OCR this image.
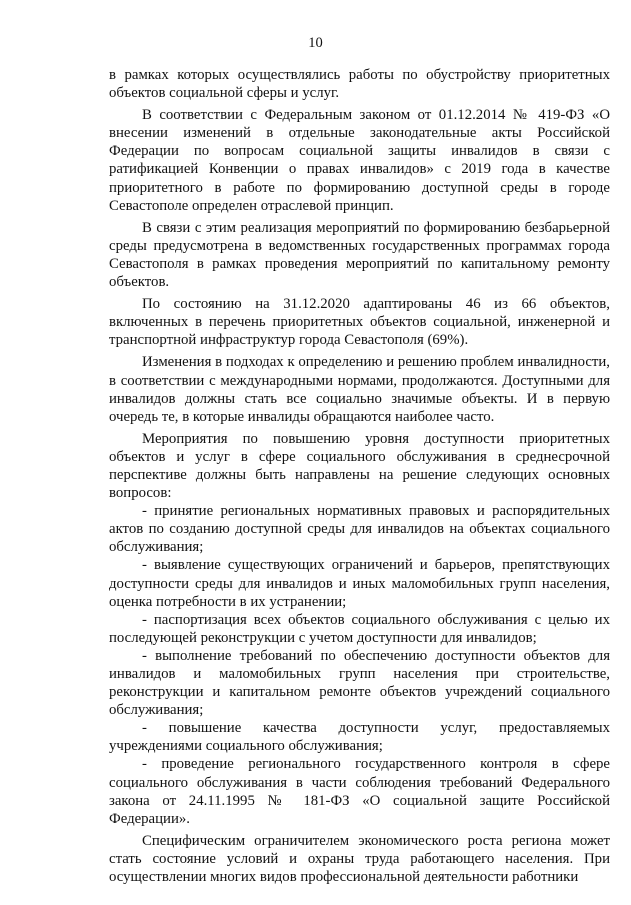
10

в рамках которых осуществлялись работы по обустройству приоритетных объектов социальной сферы и услуг.

В соответствии с Федеральным законом от 01.12.2014 № 419-ФЗ «О внесении изменений в отдельные законодательные акты Российской Федерации по вопросам социальной защиты инвалидов в связи с ратификацией Конвенции о правах инвалидов» с 2019 года в качестве приоритетного в работе по формированию доступной среды в городе Севастополе определен отраслевой принцип.

В связи с этим реализация мероприятий по формированию безбарьерной среды предусмотрена в ведомственных государственных программах города Севастополя в рамках проведения мероприятий по капитальному ремонту объектов.

По состоянию на 31.12.2020 адаптированы 46 из 66 объектов, включенных в перечень приоритетных объектов социальной, инженерной и транспортной инфраструктур города Севастополя (69%).

Изменения в подходах к определению и решению проблем инвалидности, в соответствии с международными нормами, продолжаются. Доступными для инвалидов должны стать все социально значимые объекты. И в первую очередь те, в которые инвалиды обращаются наиболее часто.

Мероприятия по повышению уровня доступности приоритетных объектов и услуг в сфере социального обслуживания в среднесрочной перспективе должны быть направлены на решение следующих основных вопросов:

- принятие региональных нормативных правовых и распорядительных актов по созданию доступной среды для инвалидов на объектах социального обслуживания;

- выявление существующих ограничений и барьеров, препятствующих доступности среды для инвалидов и иных маломобильных групп населения, оценка потребности в их устранении;

- паспортизация всех объектов социального обслуживания с целью их последующей реконструкции с учетом доступности для инвалидов;

- выполнение требований по обеспечению доступности объектов для инвалидов и маломобильных групп населения при строительстве, реконструкции и капитальном ремонте объектов учреждений социального обслуживания;

- повышение качества доступности услуг, предоставляемых учреждениями социального обслуживания;

- проведение регионального государственного контроля в сфере социального обслуживания в части соблюдения требований Федерального закона от 24.11.1995 № 181-ФЗ «О социальной защите Российской Федерации».

Специфическим ограничителем экономического роста региона может стать состояние условий и охраны труда работающего населения. При осуществлении многих видов профессиональной деятельности работники
